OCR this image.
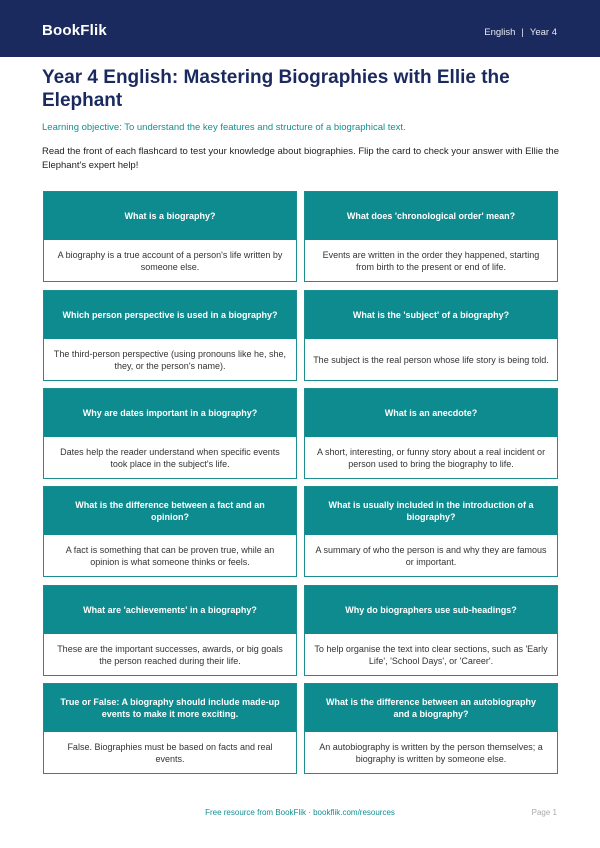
BookFlik	English | Year 4
Year 4 English: Mastering Biographies with Ellie the Elephant
Learning objective: To understand the key features and structure of a biographical text.
Read the front of each flashcard to test your knowledge about biographies. Flip the card to check your answer with Ellie the Elephant's expert help!
What is a biography?
A biography is a true account of a person's life written by someone else.
What does 'chronological order' mean?
Events are written in the order they happened, starting from birth to the present or end of life.
Which person perspective is used in a biography?
The third-person perspective (using pronouns like he, she, they, or the person's name).
What is the 'subject' of a biography?
The subject is the real person whose life story is being told.
Why are dates important in a biography?
Dates help the reader understand when specific events took place in the subject's life.
What is an anecdote?
A short, interesting, or funny story about a real incident or person used to bring the biography to life.
What is the difference between a fact and an opinion?
A fact is something that can be proven true, while an opinion is what someone thinks or feels.
What is usually included in the introduction of a biography?
A summary of who the person is and why they are famous or important.
What are 'achievements' in a biography?
These are the important successes, awards, or big goals the person reached during their life.
Why do biographers use sub-headings?
To help organise the text into clear sections, such as 'Early Life', 'School Days', or 'Career'.
True or False: A biography should include made-up events to make it more exciting.
False. Biographies must be based on facts and real events.
What is the difference between an autobiography and a biography?
An autobiography is written by the person themselves; a biography is written by someone else.
Free resource from BookFlik · bookflik.com/resources	Page 1
